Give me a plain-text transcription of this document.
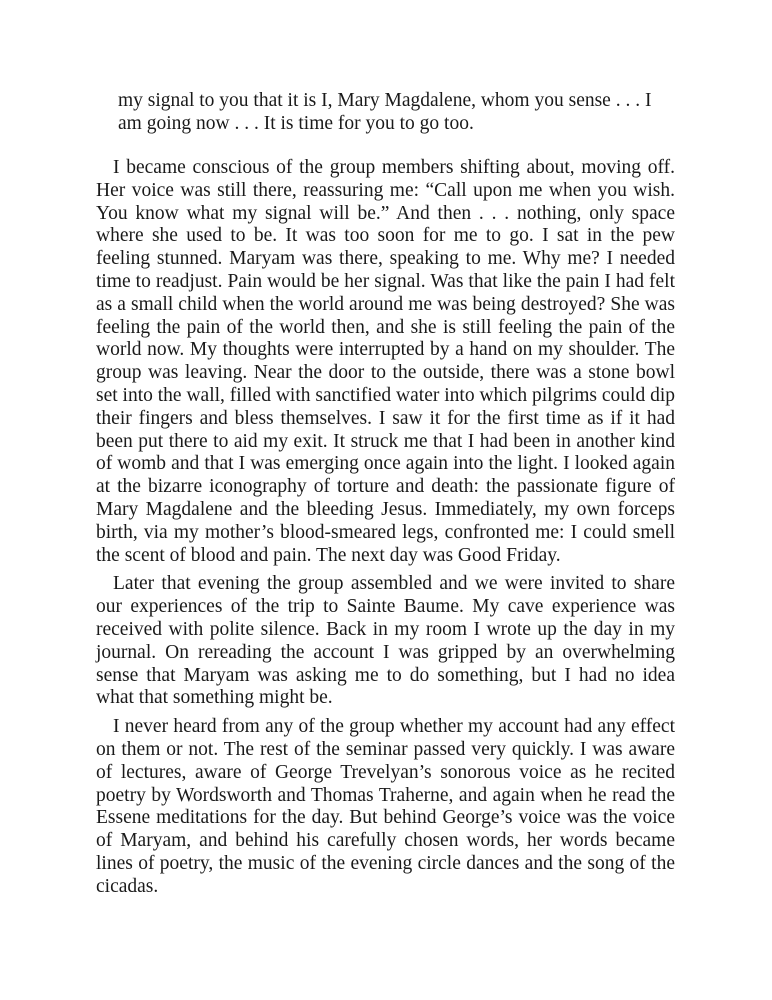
my signal to you that it is I, Mary Magdalene, whom you sense . . . I am going now . . . It is time for you to go too.

I became conscious of the group members shifting about, moving off. Her voice was still there, reassuring me: “Call upon me when you wish. You know what my signal will be.” And then . . . nothing, only space where she used to be. It was too soon for me to go. I sat in the pew feeling stunned. Maryam was there, speaking to me. Why me? I needed time to readjust. Pain would be her signal. Was that like the pain I had felt as a small child when the world around me was being destroyed? She was feeling the pain of the world then, and she is still feeling the pain of the world now. My thoughts were interrupted by a hand on my shoulder. The group was leaving. Near the door to the outside, there was a stone bowl set into the wall, filled with sanctified water into which pilgrims could dip their fingers and bless themselves. I saw it for the first time as if it had been put there to aid my exit. It struck me that I had been in another kind of womb and that I was emerging once again into the light. I looked again at the bizarre iconography of torture and death: the passionate figure of Mary Magdalene and the bleeding Jesus. Immediately, my own forceps birth, via my mother’s blood-smeared legs, confronted me: I could smell the scent of blood and pain. The next day was Good Friday.

Later that evening the group assembled and we were invited to share our experiences of the trip to Sainte Baume. My cave experience was received with polite silence. Back in my room I wrote up the day in my journal. On rereading the account I was gripped by an overwhelming sense that Maryam was asking me to do something, but I had no idea what that something might be.

I never heard from any of the group whether my account had any effect on them or not. The rest of the seminar passed very quickly. I was aware of lectures, aware of George Trevelyan’s sonorous voice as he recited poetry by Wordsworth and Thomas Traherne, and again when he read the Essene meditations for the day. But behind George’s voice was the voice of Maryam, and behind his carefully chosen words, her words became lines of poetry, the music of the evening circle dances and the song of the cicadas.
